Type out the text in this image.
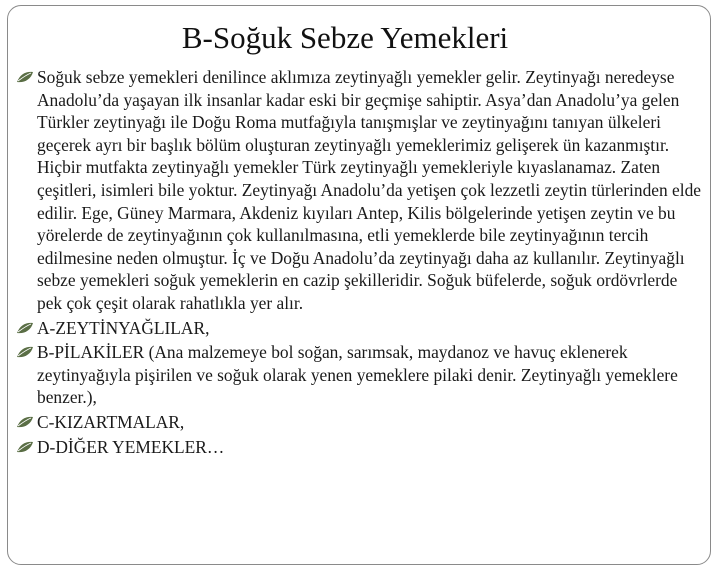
B-Soğuk Sebze Yemekleri
Soğuk sebze yemekleri denilince aklımıza zeytinyağlı yemekler gelir. Zeytinyağı neredeyse Anadolu’da yaşayan ilk insanlar kadar eski bir geçmişe sahiptir. Asya’dan Anadolu’ya gelen Türkler zeytinyağı ile Doğu Roma mutfağıyla tanışmışlar ve zeytinyağını tanıyan ülkeleri geçerek ayrı bir başlık bölüm oluşturan zeytinyağlı yemeklerimiz gelişerek ün kazanmıştır. Hiçbir mutfakta zeytinyağlı yemekler Türk zeytinyağlı yemekleriyle kıyaslanamaz. Zaten çeşitleri, isimleri bile yoktur. Zeytinyağı Anadolu’da yetişen çok lezzetli zeytin türlerinden elde edilir. Ege, Güney Marmara, Akdeniz kıyıları Antep, Kilis bölgelerinde yetişen zeytin ve bu yörelerde de zeytinyağının çok kullanılmasına, etli yemeklerde bile zeytinyağının tercih edilmesine neden olmuştur. İç ve Doğu Anadolu’da zeytinyağı daha az kullanılır. Zeytinyağlı sebze yemekleri soğuk yemeklerin en cazip şekilleridir. Soğuk büfelerde, soğuk ordövrlerde pek çok çeşit olarak rahatlıkla yer alır.
A-ZEYTİNYAĞLILAR,
B-PİLAKİLER (Ana malzemeye bol soğan, sarımsak, maydanoz ve havuç eklenerek zeytinyağıyla pişirilen ve soğuk olarak yenen yemeklere pilaki denir. Zeytinyağlı yemeklere benzer.),
C-KIZARTMALAR,
D-DİĞER YEMEKLER…
